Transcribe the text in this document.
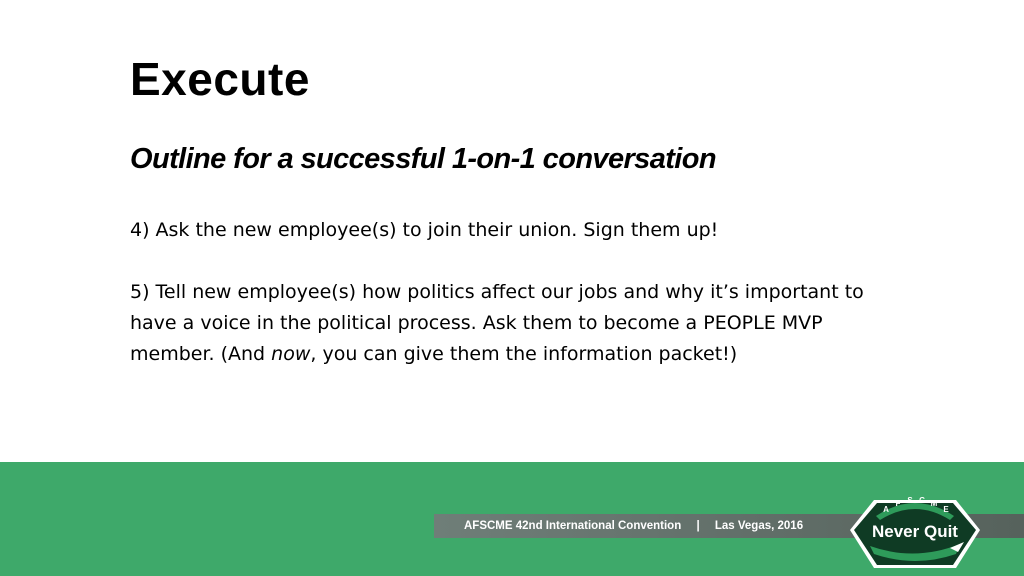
Execute
Outline for a successful 1-on-1 conversation

4) Ask the new employee(s) to join their union. Sign them up!

5) Tell new employee(s) how politics affect our jobs and why it’s important to have a voice in the political process. Ask them to become a PEOPLE MVP member. (And now, you can give them the information packet!)

AFSCME 42nd International Convention | Las Vegas, 2016
A
F S C M
E
Never Quit
